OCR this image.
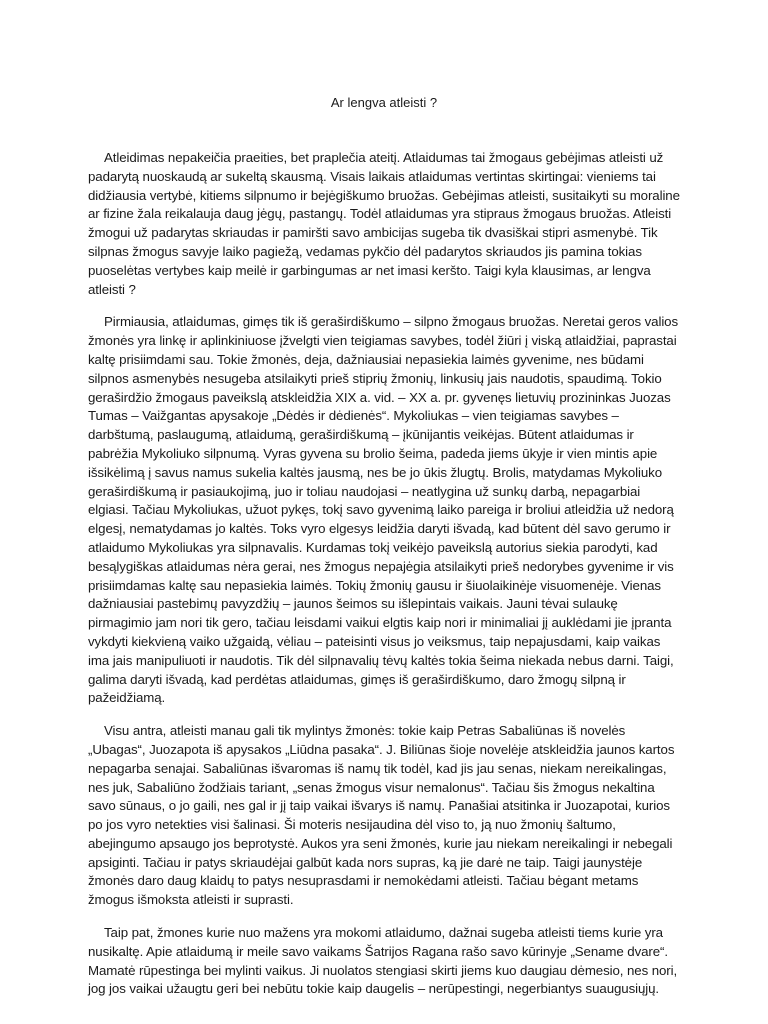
Ar lengva atleisti ?

Atleidimas nepakeičia praeities, bet praplečia ateitį. Atlaidumas tai žmogaus gebėjimas atleisti už padarytą nuoskaudą ar sukeltą skausmą. Visais laikais atlaidumas vertintas skirtingai: vieniems tai didžiausia vertybė, kitiems silpnumo ir bejėgiškumo bruožas. Gebėjimas atleisti, susitaikyti su moraline ar fizine žala reikalauja daug jėgų, pastangų. Todėl atlaidumas yra stipraus žmogaus bruožas. Atleisti žmogui už padarytas skriaudas ir pamiršti savo ambicijas sugeba tik dvasiškai stipri asmenybė. Tik silpnas žmogus savyje laiko pagiežą, vedamas pykčio dėl padarytos skriaudos jis pamina tokias puoselėtas vertybes kaip meilė ir garbingumas ar net imasi keršto. Taigi kyla klausimas, ar lengva atleisti ?

Pirmiausia, atlaidumas, gimęs tik iš geraširdiškumo – silpno žmogaus bruožas. Neretai geros valios žmonės yra linkę ir aplinkiniuose įžvelgti vien teigiamas savybes, todėl žiūri į viską atlaidžiai, paprastai kaltę prisiimdami sau. Tokie žmonės, deja, dažniausiai nepasiekia laimės gyvenime, nes būdami silpnos asmenybės nesugeba atsilaikyti prieš stiprių žmonių, linkusių jais naudotis, spaudimą. Tokio geraširdžio žmogaus paveikslą atskleidžia XIX a. vid. – XX a. pr. gyvenęs lietuvių prozininkas Juozas Tumas – Vaižgantas apysakoje „Dėdės ir dėdienės“. Mykoliukas – vien teigiamas savybes – darbštumą, paslaugumą, atlaidumą, geraširdiškumą – įkūnijantis veikėjas. Būtent atlaidumas ir pabrėžia Mykoliuko silpnumą. Vyras gyvena su brolio šeima, padeda jiems ūkyje ir vien mintis apie išsikėlimą į savus namus sukelia kaltės jausmą, nes be jo ūkis žlugtų. Brolis, matydamas Mykoliuko geraširdiškumą ir pasiaukojimą, juo ir toliau naudojasi – neatlygina už sunkų darbą, nepagarbiai elgiasi. Tačiau Mykoliukas, užuot pykęs, tokį savo gyvenimą laiko pareiga ir broliui atleidžia už nedorą elgesį, nematydamas jo kaltės. Toks vyro elgesys leidžia daryti išvadą, kad būtent dėl savo gerumo ir atlaidumo Mykoliukas yra silpnavalis. Kurdamas tokį veikėjo paveikslą autorius siekia parodyti, kad besąlygiškas atlaidumas nėra gerai, nes žmogus nepajėgia atsilaikyti prieš nedorybes gyvenime ir vis prisiimdamas kaltę sau nepasiekia laimės. Tokių žmonių gausu ir šiuolaikinėje visuomenėje. Vienas dažniausiai pastebimų pavyzdžių – jaunos šeimos su išlepintais vaikais. Jauni tėvai sulaukę pirmagimio jam nori tik gero, tačiau leisdami vaikui elgtis kaip nori ir minimaliai jį auklėdami jie įpranta vykdyti kiekvieną vaiko užgaidą, vėliau – pateisinti visus jo veiksmus, taip nepajusdami, kaip vaikas ima jais manipuliuoti ir naudotis. Tik dėl silpnavalių tėvų kaltės tokia šeima niekada nebus darni. Taigi, galima daryti išvadą, kad perdėtas atlaidumas, gimęs iš geraširdiškumo, daro žmogų silpną ir pažeidžiamą.

Visu antra, atleisti manau gali tik mylintys žmonės: tokie kaip Petras Sabaliūnas iš novelės „Ubagas“, Juozapota iš apysakos „Liūdna pasaka“. J. Biliūnas šioje novelėje atskleidžia jaunos kartos nepagarba senajai. Sabaliūnas išvaromas iš namų tik todėl, kad jis jau senas, niekam nereikalingas, nes juk, Sabaliūno žodžiais tariant, „senas žmogus visur nemalonus“. Tačiau šis žmogus nekaltina savo sūnaus, o jo gaili, nes gal ir jį taip vaikai išvarys iš namų. Panašiai atsitinka ir Juozapotai, kurios po jos vyro netekties visi šalinasi. Ši moteris nesijaudina dėl viso to, ją nuo žmonių šaltumo, abejingumo apsaugo jos beprotystė. Aukos yra seni žmonės, kurie jau niekam nereikalingi ir nebegali apsiginti. Tačiau ir patys skriaudėjai galbūt kada nors supras, ką jie darė ne taip. Taigi jaunystėje žmonės daro daug klaidų to patys nesuprasdami ir nemokėdami atleisti. Tačiau bėgant metams žmogus išmoksta atleisti ir suprasti.

Taip pat, žmones kurie nuo mažens yra mokomi atlaidumo, dažnai sugeba atleisti tiems kurie yra nusikaltę. Apie atlaidumą ir meile savo vaikams Šatrijos Ragana rašo savo kūrinyje „Sename dvare“. Mamatė rūpestinga bei mylinti vaikus. Ji nuolatos stengiasi skirti jiems kuo daugiau dėmesio, nes nori, jog jos vaikai užaugtu geri bei nebūtu tokie kaip daugelis – nerūpestingi, negerbiantys suaugusiųjų.
